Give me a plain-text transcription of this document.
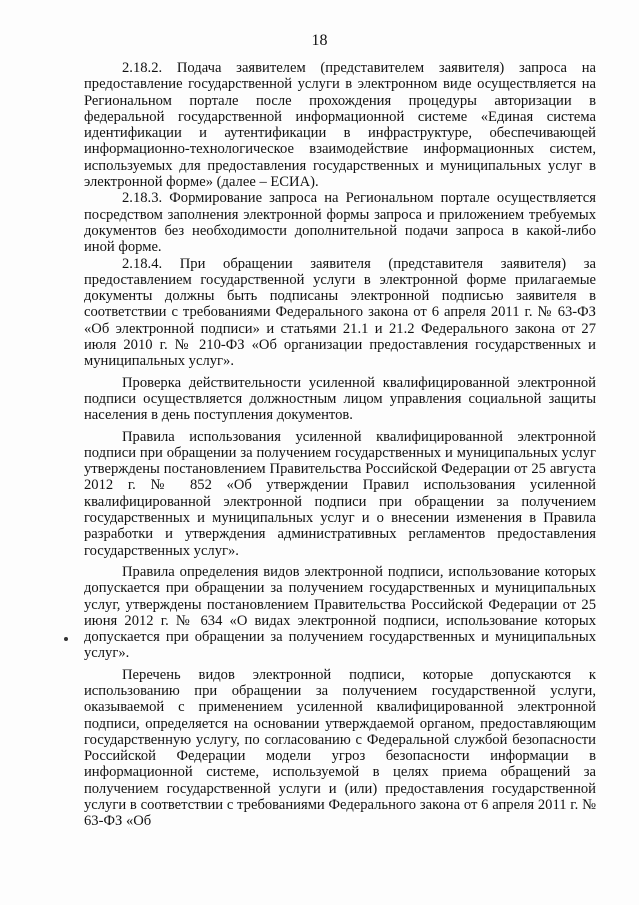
18

2.18.2. Подача заявителем (представителем заявителя) запроса на предоставление государственной услуги в электронном виде осуществляется на Региональном портале после прохождения процедуры авторизации в федеральной государственной информационной системе «Единая система идентификации и аутентификации в инфраструктуре, обеспечивающей информационно-технологическое взаимодействие информационных систем, используемых для предоставления государственных и муниципальных услуг в электронной форме» (далее – ЕСИА).

2.18.3. Формирование запроса на Региональном портале осуществляется посредством заполнения электронной формы запроса и приложением требуемых документов без необходимости дополнительной подачи запроса в какой-либо иной форме.

2.18.4. При обращении заявителя (представителя заявителя) за предоставлением государственной услуги в электронной форме прилагаемые документы должны быть подписаны электронной подписью заявителя в соответствии с требованиями Федерального закона от 6 апреля 2011 г. № 63-ФЗ «Об электронной подписи» и статьями 21.1 и 21.2 Федерального закона от 27 июля 2010 г. № 210-ФЗ «Об организации предоставления государственных и муниципальных услуг».

Проверка действительности усиленной квалифицированной электронной подписи осуществляется должностным лицом управления социальной защиты населения в день поступления документов.

Правила использования усиленной квалифицированной электронной подписи при обращении за получением государственных и муниципальных услуг утверждены постановлением Правительства Российской Федерации от 25 августа 2012 г. № 852 «Об утверждении Правил использования усиленной квалифицированной электронной подписи при обращении за получением государственных и муниципальных услуг и о внесении изменения в Правила разработки и утверждения административных регламентов предоставления государственных услуг».

Правила определения видов электронной подписи, использование которых допускается при обращении за получением государственных и муниципальных услуг, утверждены постановлением Правительства Российской Федерации от 25 июня 2012 г. № 634 «О видах электронной подписи, использование которых допускается при обращении за получением государственных и муниципальных услуг».

Перечень видов электронной подписи, которые допускаются к использованию при обращении за получением государственной услуги, оказываемой с применением усиленной квалифицированной электронной подписи, определяется на основании утверждаемой органом, предоставляющим государственную услугу, по согласованию с Федеральной службой безопасности Российской Федерации модели угроз безопасности информации в информационной системе, используемой в целях приема обращений за получением государственной услуги и (или) предоставления государственной услуги в соответствии с требованиями Федерального закона от 6 апреля 2011 г. № 63-ФЗ «Об
